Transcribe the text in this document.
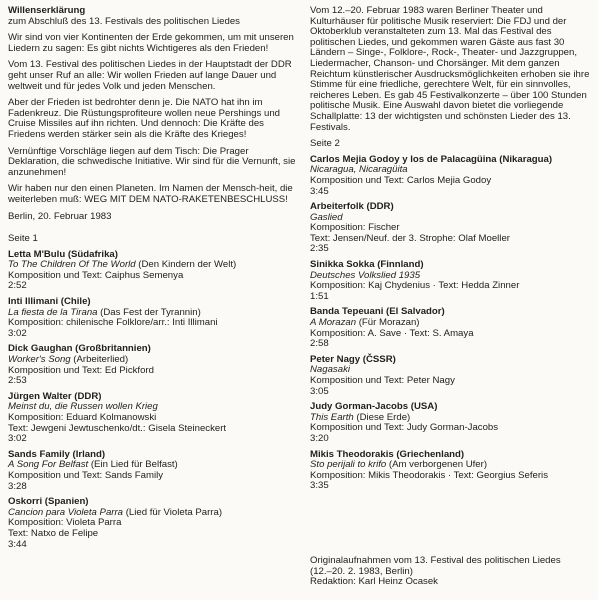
Willenserklärung
zum Abschluß des 13. Festivals des politischen Liedes
Wir sind von vier Kontinenten der Erde gekommen, um mit unseren Liedern zu sagen: Es gibt nichts Wichtigeres als den Frieden!
Vom 13. Festival des politischen Liedes in der Hauptstadt der DDR geht unser Ruf an alle: Wir wollen Frieden auf lange Dauer und weltweit und für jedes Volk und jeden Menschen.
Aber der Frieden ist bedrohter denn je. Die NATO hat ihn im Fadenkreuz. Die Rüstungsprofiteure wollen neue Pershings und Cruise Missiles auf ihn richten. Und dennoch: Die Kräfte des Friedens werden stärker sein als die Kräfte des Krieges!
Vernünftige Vorschläge liegen auf dem Tisch: Die Prager Deklaration, die schwedische Initiative. Wir sind für die Vernunft, sie anzunehmen!
Wir haben nur den einen Planeten. Im Namen der Mensch-heit, die weiterleben muß: WEG MIT DEM NATO-RAKETENBESCHLUSS!
Berlin, 20. Februar 1983
Seite 1
Letta M'Bulu (Südafrika)
To The Children Of The World (Den Kindern der Welt)
Komposition und Text: Caiphus Semenya
2:52
Inti Illimani (Chile)
La fiesta de la Tirana (Das Fest der Tyrannin)
Komposition: chilenische Folklore/arr.: Inti Illimani
3:02
Dick Gaughan (Großbritannien)
Worker's Song (Arbeiterlied)
Komposition und Text: Ed Pickford
2:53
Jürgen Walter (DDR)
Meinst du, die Russen wollen Krieg
Komposition: Eduard Kolmanowski
Text: Jewgeni Jewtuschenko/dt.: Gisela Steineckert
3:02
Sands Family (Irland)
A Song For Belfast (Ein Lied für Belfast)
Komposition und Text: Sands Family
3:28
Oskorri (Spanien)
Cancion para Violeta Parra (Lied für Violeta Parra)
Komposition: Violeta Parra
Text: Natxo de Felipe
3:44
Vom 12.–20. Februar 1983 waren Berliner Theater und Kulturhäuser für politische Musik reserviert: Die FDJ und der Oktoberklub veranstalteten zum 13. Mal das Festival des politischen Liedes, und gekommen waren Gäste aus fast 30 Ländern – Singe-, Folklore-, Rock-, Theater- und Jazzgruppen, Liedermacher, Chanson- und Chorsänger. Mit dem ganzen Reichtum künstlerischer Ausdrucksmöglichkeiten erhoben sie ihre Stimme für eine friedliche, gerechtere Welt, für ein sinnvolles, reicheres Leben. Es gab 45 Festivalkonzerte – über 100 Stunden politische Musik. Eine Auswahl davon bietet die vorliegende Schallplatte: 13 der wichtigsten und schönsten Lieder des 13. Festivals.
Seite 2
Carlos Mejia Godoy y los de Palacagüina (Nikaragua)
Nicaragua, Nicaragüita
Komposition und Text: Carlos Mejia Godoy
3:45
Arbeiterfolk (DDR)
Gaslied
Komposition: Fischer
Text: Jensen/Neuf. der 3. Strophe: Olaf Moeller
2:35
Sinikka Sokka (Finnland)
Deutsches Volkslied 1935
Komposition: Kaj Chydenius · Text: Hedda Zinner
1:51
Banda Tepeuani (El Salvador)
A Morazan (Für Morazan)
Komposition: A. Save · Text: S. Amaya
2:58
Peter Nagy (ČSSR)
Nagasaki
Komposition und Text: Peter Nagy
3:05
Judy Gorman-Jacobs (USA)
This Earth (Diese Erde)
Komposition und Text: Judy Gorman-Jacobs
3:20
Mikis Theodorakis (Griechenland)
Sto perijali to krifo (Am verborgenen Ufer)
Komposition: Mikis Theodorakis · Text: Georgius Seferis
3:35
Originalaufnahmen vom 13. Festival des politischen Liedes
(12.–20. 2. 1983, Berlin)
Redaktion: Karl Heinz Ocasek
